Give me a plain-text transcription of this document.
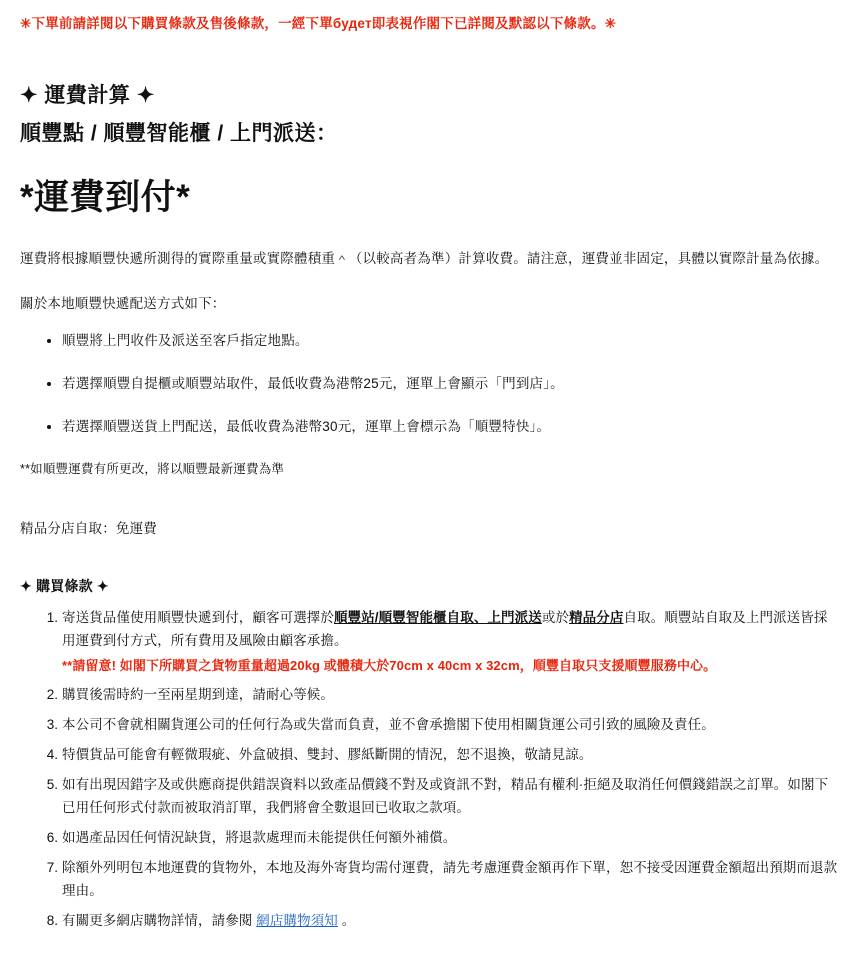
✳下單前請詳閱以下購買條款及售後條款，一經下單будет即表視作閣下已詳閱及默認以下條款。✳

✦ 運費計算 ✦
順豐點 / 順豐智能櫃 / 上門派送：
*運費到付*

運費將根據順豐快遞所測得的實際重量或實際體積重＾（以較高者為準）計算收費。請注意，運費並非固定，具體以實際計量為依據。

關於本地順豐快遞配送方式如下：

• 順豐將上門收件及派送至客戶指定地點。
• 若選擇順豐自提櫃或順豐站取件，最低收費為港幣25元，運單上會顯示「門到店」。
• 若選擇順豐送貨上門配送，最低收費為港幣30元，運單上會標示為「順豐特快」。

**如順豐運費有所更改，將以順豐最新運費為準

精品分店自取：免運費

✦ 購買條款 ✦
1. 寄送貨品僅使用順豐快遞到付，顧客可選擇於順豐站/順豐智能櫃自取、上門派送或於精品分店自取。順豐站自取及上門派送皆採用運費到付方式，所有費用及風險由顧客承擔。
**請留意! 如閣下所購買之貨物重量超過20kg 或體積大於70cm x 40cm x 32cm，順豐自取只支援順豐服務中心。
2. 購買後需時約一至兩星期到達，請耐心等候。
3. 本公司不會就相關貨運公司的任何行為或失當而負責，並不會承擔閣下使用相關貨運公司引致的風險及責任。
4. 特價貨品可能會有輕微瑕疵、外盒破損、雙封、膠紙斷開的情況，恕不退換，敬請見諒。
5. 如有出現因錯字及或供應商提供錯誤資料以致產品價錢不對及或資訊不對，精品有權利·拒絕及取消任何價錢錯誤之訂單。如閣下已用任何形式付款而被取消訂單，我們將會全數退回已收取之款項。
6. 如遇產品因任何情況缺貨，將退款處理而未能提供任何額外補償。
7. 除額外列明包本地運費的貨物外，本地及海外寄貨均需付運費，請先考慮運費金額再作下單，恕不接受因運費金額超出預期而退款理由。
8. 有關更多網店購物詳情，請參閱 網店購物須知 。
